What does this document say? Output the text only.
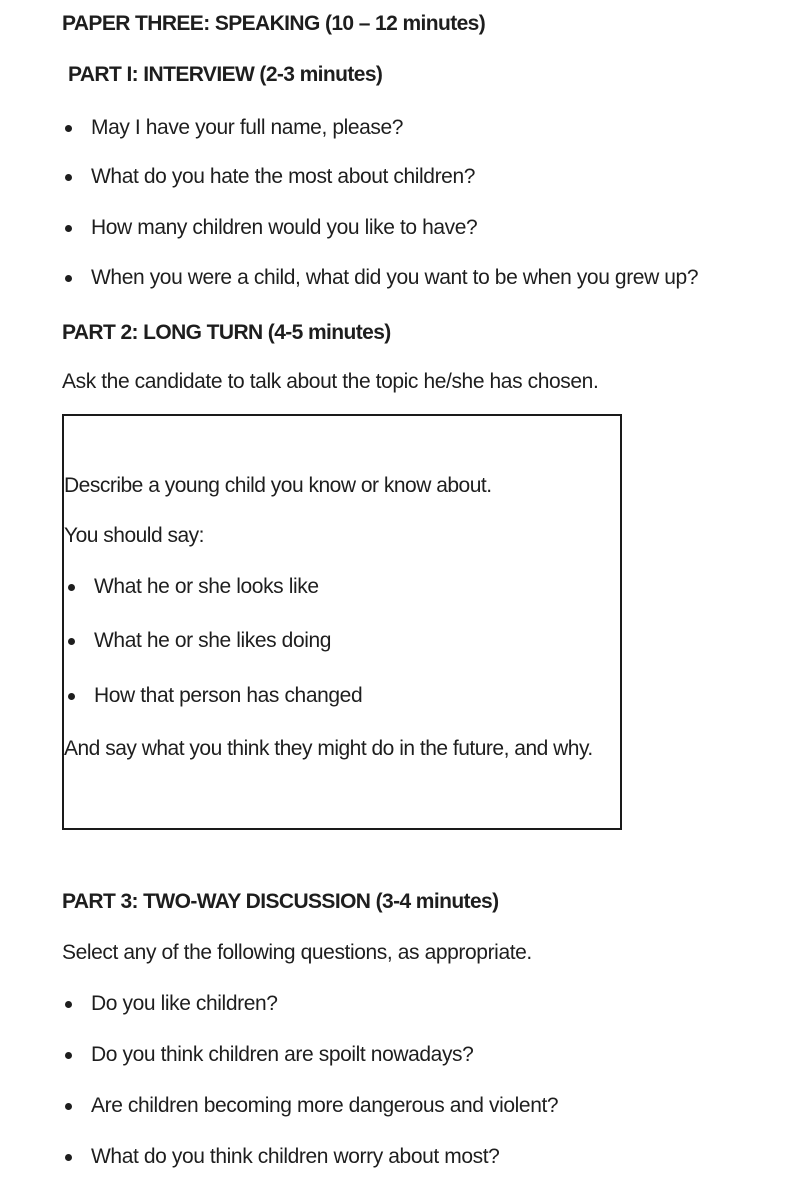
PAPER THREE: SPEAKING (10 – 12 minutes)
PART I: INTERVIEW (2-3 minutes)
May I have your full name, please?
What do you hate the most about children?
How many children would you like to have?
When you were a child, what did you want to be when you grew up?
PART 2: LONG TURN (4-5 minutes)
Ask the candidate to talk about the topic he/she has chosen.
Describe a young child you know or know about.
You should say:
What he or she looks like
What he or she likes doing
How that person has changed
And say what you think they might do in the future, and why.
PART 3: TWO-WAY DISCUSSION (3-4 minutes)
Select any of the following questions, as appropriate.
Do you like children?
Do you think children are spoilt nowadays?
Are children becoming more dangerous and violent?
What do you think children worry about most?
